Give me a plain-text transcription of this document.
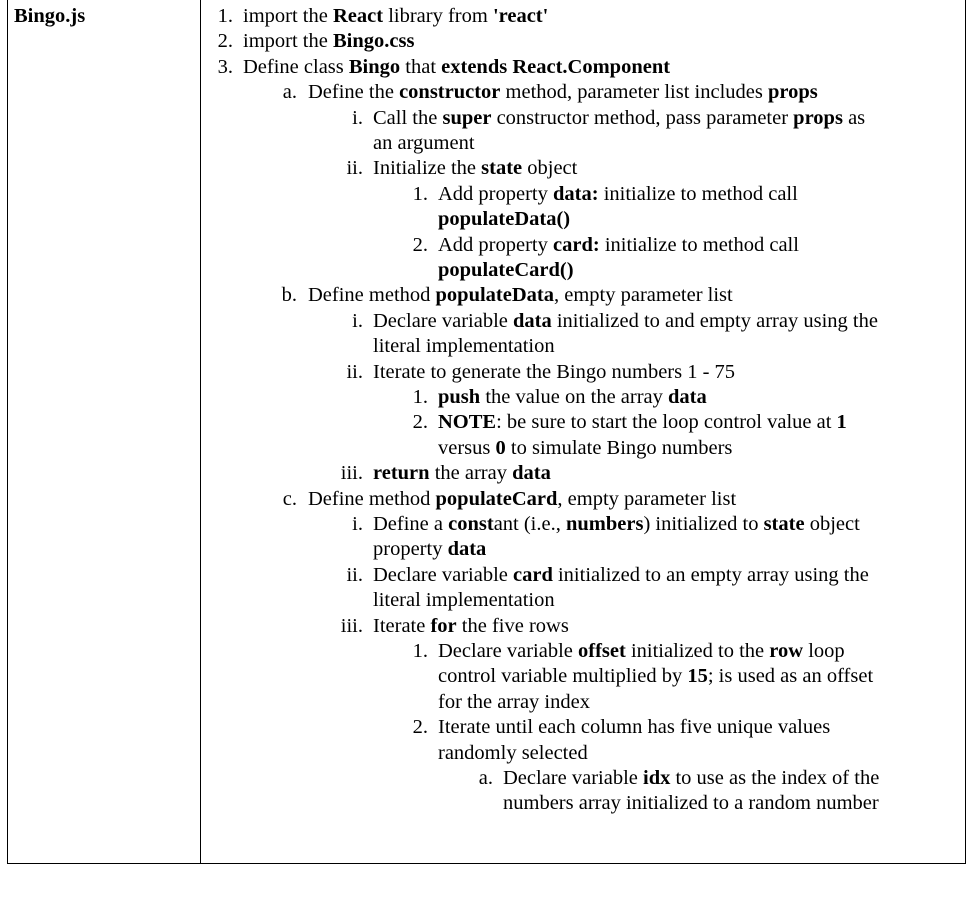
Bingo.js	1. import the React library from 'react'
2. import the Bingo.css
3. Define class Bingo that extends React.Component
a. Define the constructor method, parameter list includes props
i. Call the super constructor method, pass parameter props as
an argument
ii. Initialize the state object
1. Add property data: initialize to method call
populateData()
2. Add property card: initialize to method call
populateCard()
b. Define method populateData, empty parameter list
i. Declare variable data initialized to and empty array using the
literal implementation
ii. Iterate to generate the Bingo numbers 1 - 75
1. push the value on the array data
2. NOTE: be sure to start the loop control value at 1
versus 0 to simulate Bingo numbers
iii. return the array data
c. Define method populateCard, empty parameter list
i. Define a constant (i.e., numbers) initialized to state object
property data
ii. Declare variable card initialized to an empty array using the
literal implementation
iii. Iterate for the five rows
1. Declare variable offset initialized to the row loop
control variable multiplied by 15; is used as an offset
for the array index
2. Iterate until each column has five unique values
randomly selected
a. Declare variable idx to use as the index of the
numbers array initialized to a random number
